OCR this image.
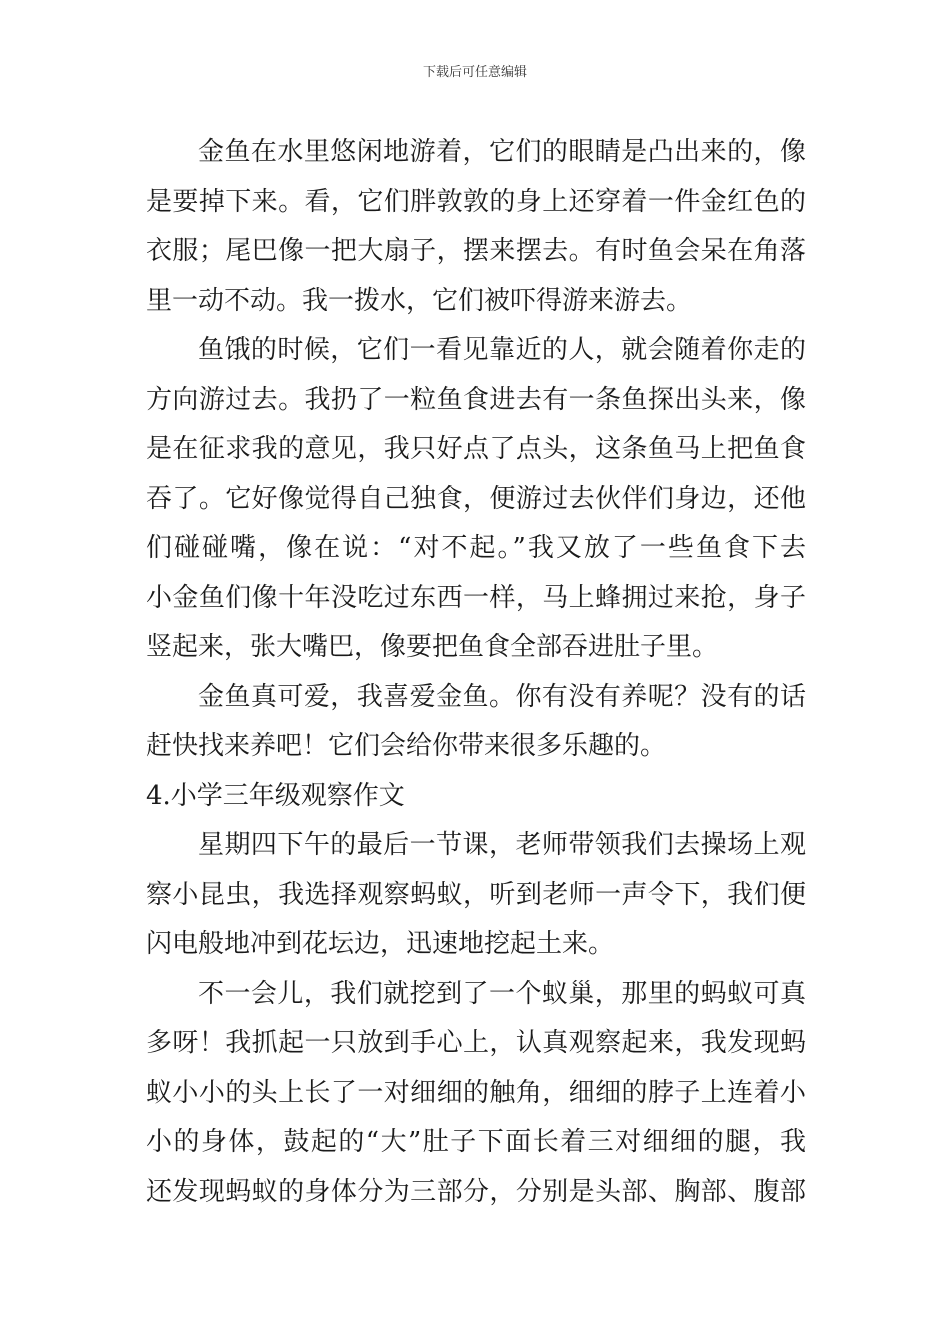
下载后可任意编辑
金鱼在水里悠闲地游着，它们的眼睛是凸出来的，像
是要掉下来。看，它们胖敦敦的身上还穿着一件金红色的
衣服；尾巴像一把大扇子，摆来摆去。有时鱼会呆在角落
里一动不动。我一拨水，它们被吓得游来游去。
鱼饿的时候，它们一看见靠近的人，就会随着你走的
方向游过去。我扔了一粒鱼食进去有一条鱼探出头来，像
是在征求我的意见，我只好点了点头，这条鱼马上把鱼食
吞了。它好像觉得自己独食，便游过去伙伴们身边，还他
们碰碰嘴，像在说：“对不起。”我又放了一些鱼食下去
小金鱼们像十年没吃过东西一样，马上蜂拥过来抢，身子
竖起来，张大嘴巴，像要把鱼食全部吞进肚子里。
金鱼真可爱，我喜爱金鱼。你有没有养呢？没有的话
赶快找来养吧！它们会给你带来很多乐趣的。
4.小学三年级观察作文
星期四下午的最后一节课，老师带领我们去操场上观
察小昆虫，我选择观察蚂蚁，听到老师一声令下，我们便
闪电般地冲到花坛边，迅速地挖起土来。
不一会儿，我们就挖到了一个蚁巢，那里的蚂蚁可真
多呀！我抓起一只放到手心上，认真观察起来，我发现蚂
蚁小小的头上长了一对细细的触角，细细的脖子上连着小
小的身体，鼓起的“大”肚子下面长着三对细细的腿，我
还发现蚂蚁的身体分为三部分，分别是头部、胸部、腹部
